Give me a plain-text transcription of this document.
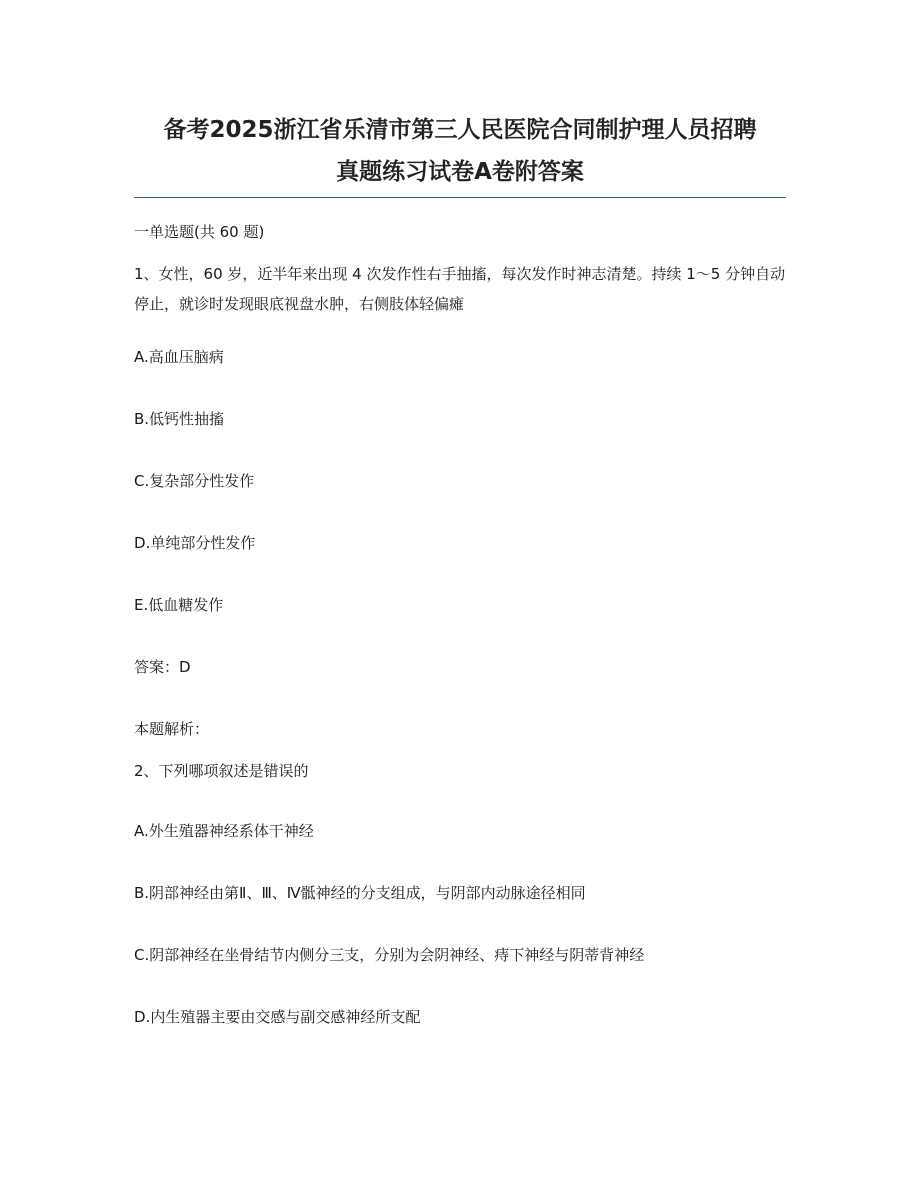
备考2025浙江省乐清市第三人民医院合同制护理人员招聘
真题练习试卷A卷附答案

一单选题(共 60 题)

1、女性，60 岁，近半年来出现 4 次发作性右手抽搐，每次发作时神志清楚。持续 1～5 分钟自动停止，就诊时发现眼底视盘水肿，右侧肢体轻偏瘫

A.高血压脑病

B.低钙性抽搐

C.复杂部分性发作

D.单纯部分性发作

E.低血糖发作

答案：D

本题解析：

2、下列哪项叙述是错误的

A.外生殖器神经系体干神经

B.阴部神经由第Ⅱ、Ⅲ、Ⅳ骶神经的分支组成，与阴部内动脉途径相同

C.阴部神经在坐骨结节内侧分三支，分别为会阴神经、痔下神经与阴蒂背神经

D.内生殖器主要由交感与副交感神经所支配
